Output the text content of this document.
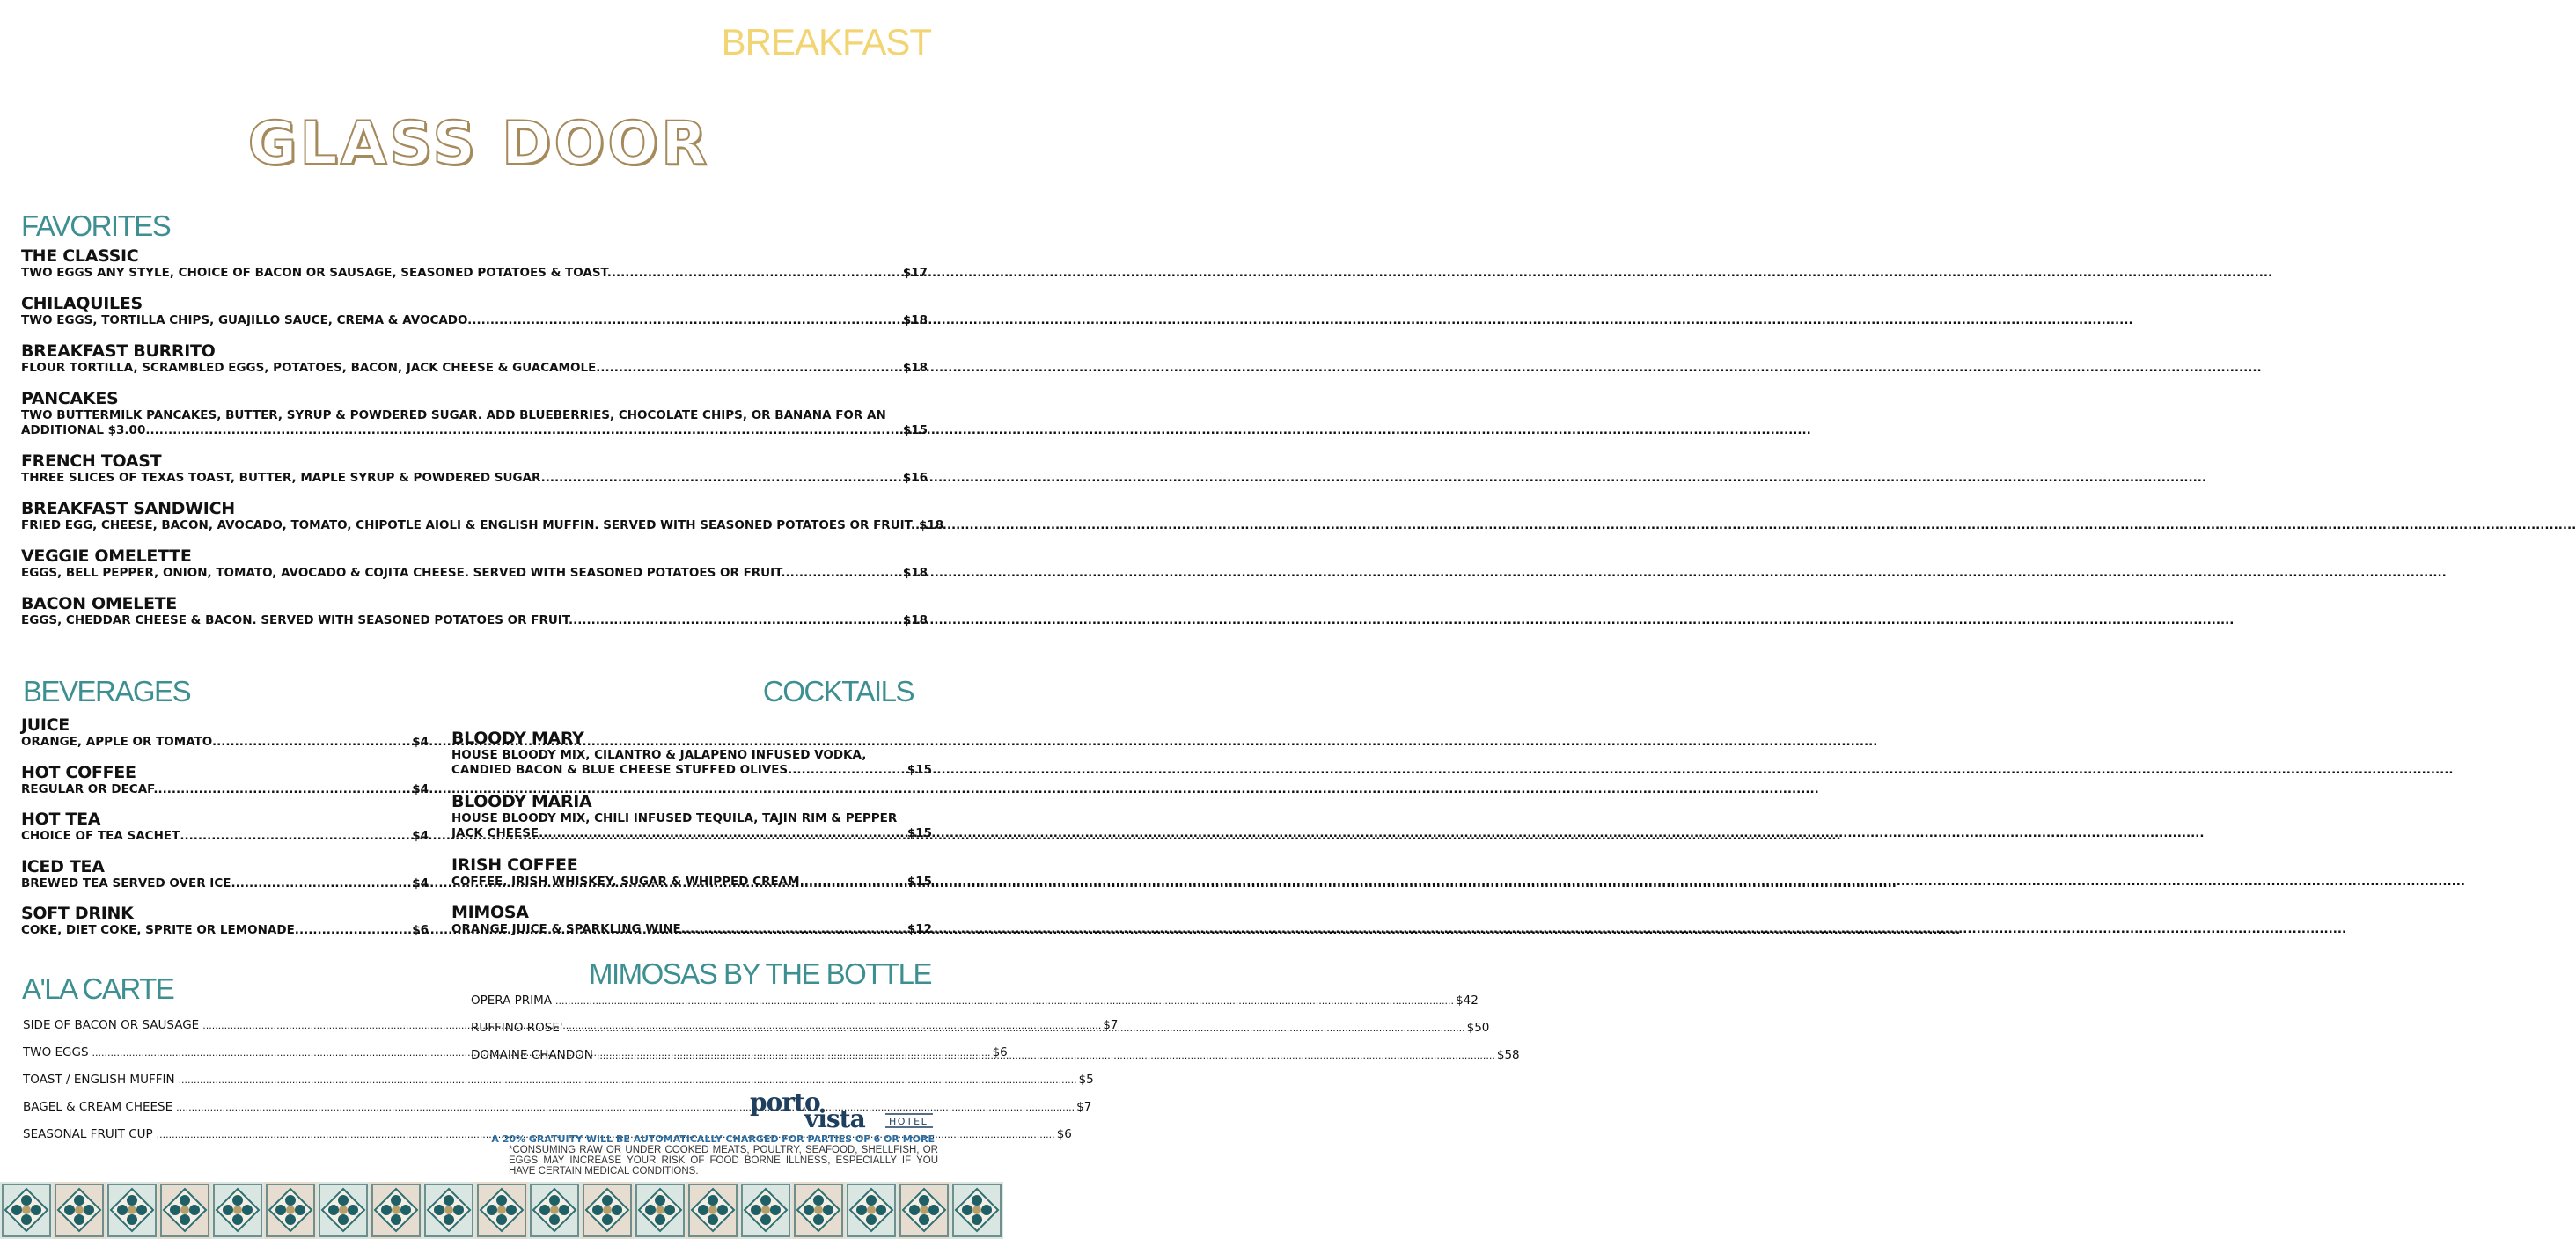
BREAKFAST
GLASS DOOR
FAVORITES
THE CLASSIC
TWO EGGS ANY STYLE, CHOICE OF BACON OR SAUSAGE, SEASONED POTATOES & TOAST. .....	$17
CHILAQUILES
TWO EGGS, TORTILLA CHIPS, GUAJILLO SAUCE, CREMA & AVOCADO. .....	$18
BREAKFAST BURRITO
FLOUR TORTILLA, SCRAMBLED EGGS, POTATOES, BACON, JACK CHEESE & GUACAMOLE. .....	$18
PANCAKES
TWO BUTTERMILK PANCAKES, BUTTER, SYRUP & POWDERED SUGAR. ADD BLUEBERRIES, CHOCOLATE CHIPS, OR BANANA FOR AN
ADDITIONAL $3.00. .....	$15
FRENCH TOAST
THREE SLICES OF TEXAS TOAST, BUTTER, MAPLE SYRUP & POWDERED SUGAR. .....	$16
BREAKFAST SANDWICH
FRIED EGG, CHEESE, BACON, AVOCADO, TOMATO, CHIPOTLE AIOLI & ENGLISH MUFFIN. SERVED WITH SEASONED POTATOES OR FRUIT. ..... $18
VEGGIE OMELETTE
EGGS, BELL PEPPER, ONION, TOMATO, AVOCADO & COJITA CHEESE. SERVED WITH SEASONED POTATOES OR FRUIT. .....	$18
BACON OMELETE
EGGS, CHEDDAR CHEESE & BACON. SERVED WITH SEASONED POTATOES OR FRUIT. .....	$18
BEVERAGES
JUICE
ORANGE, APPLE OR TOMATO. .....	$4
HOT COFFEE
REGULAR OR DECAF. .....	$4
HOT TEA
CHOICE OF TEA SACHET .....	$4
ICED TEA
BREWED TEA SERVED OVER ICE. .....	$4
SOFT DRINK
COKE, DIET COKE, SPRITE OR LEMONADE. .....	$6
COCKTAILS
BLOODY MARY
HOUSE BLOODY MIX, CILANTRO & JALAPENO INFUSED VODKA,
CANDIED BACON & BLUE CHEESE STUFFED OLIVES. .....	$15
BLOODY MARIA
HOUSE BLOODY MIX, CHILI INFUSED TEQUILA, TAJIN RIM & PEPPER
JACK CHEESE. .....	$15
IRISH COFFEE
COFFEE, IRISH WHISKEY, SUGAR & WHIPPED CREAM. .....	$15
MIMOSA
ORANGE JUICE & SPARKLING WINE. .....	$12
A'LA CARTE
SIDE OF BACON OR SAUSAGE .....	$7
TWO EGGS .....	$6
TOAST / ENGLISH MUFFIN .....	$5
BAGEL & CREAM CHEESE .....	$7
SEASONAL FRUIT CUP .....	$6
MIMOSAS BY THE BOTTLE
OPERA PRIMA .....	$42
RUFFINO ROSE' .....	$50
DOMAINE CHANDON .....	$58
porto
vista HOTEL
A 20% GRATUITY WILL BE AUTOMATICALLY CHARGED FOR PARTIES OF 6 OR MORE
*CONSUMING RAW OR UNDER COOKED MEATS, POULTRY, SEAFOOD, SHELLFISH, OR EGGS MAY INCREASE YOUR RISK OF FOOD BORNE ILLNESS, ESPECIALLY IF YOU HAVE CERTAIN MEDICAL CONDITIONS.
